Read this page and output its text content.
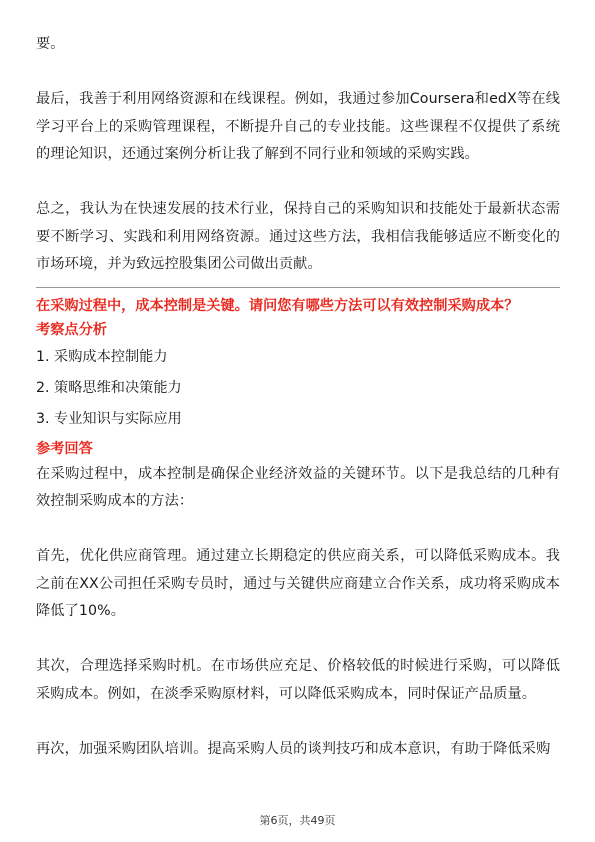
要。

最后，我善于利用网络资源和在线课程。例如，我通过参加Coursera和edX等在线学习平台上的采购管理课程，不断提升自己的专业技能。这些课程不仅提供了系统的理论知识，还通过案例分析让我了解到不同行业和领域的采购实践。

总之，我认为在快速发展的技术行业，保持自己的采购知识和技能处于最新状态需要不断学习、实践和利用网络资源。通过这些方法，我相信我能够适应不断变化的市场环境，并为致远控股集团公司做出贡献。

在采购过程中，成本控制是关键。请问您有哪些方法可以有效控制采购成本？

考察点分析

1. 采购成本控制能力

2. 策略思维和决策能力

3. 专业知识与实际应用

参考回答

在采购过程中，成本控制是确保企业经济效益的关键环节。以下是我总结的几种有效控制采购成本的方法：

首先，优化供应商管理。通过建立长期稳定的供应商关系，可以降低采购成本。我之前在XX公司担任采购专员时，通过与关键供应商建立合作关系，成功将采购成本降低了10%。

其次，合理选择采购时机。在市场供应充足、价格较低的时候进行采购，可以降低采购成本。例如，在淡季采购原材料，可以降低采购成本，同时保证产品质量。

再次，加强采购团队培训。提高采购人员的谈判技巧和成本意识，有助于降低采购

第6页，共49页
